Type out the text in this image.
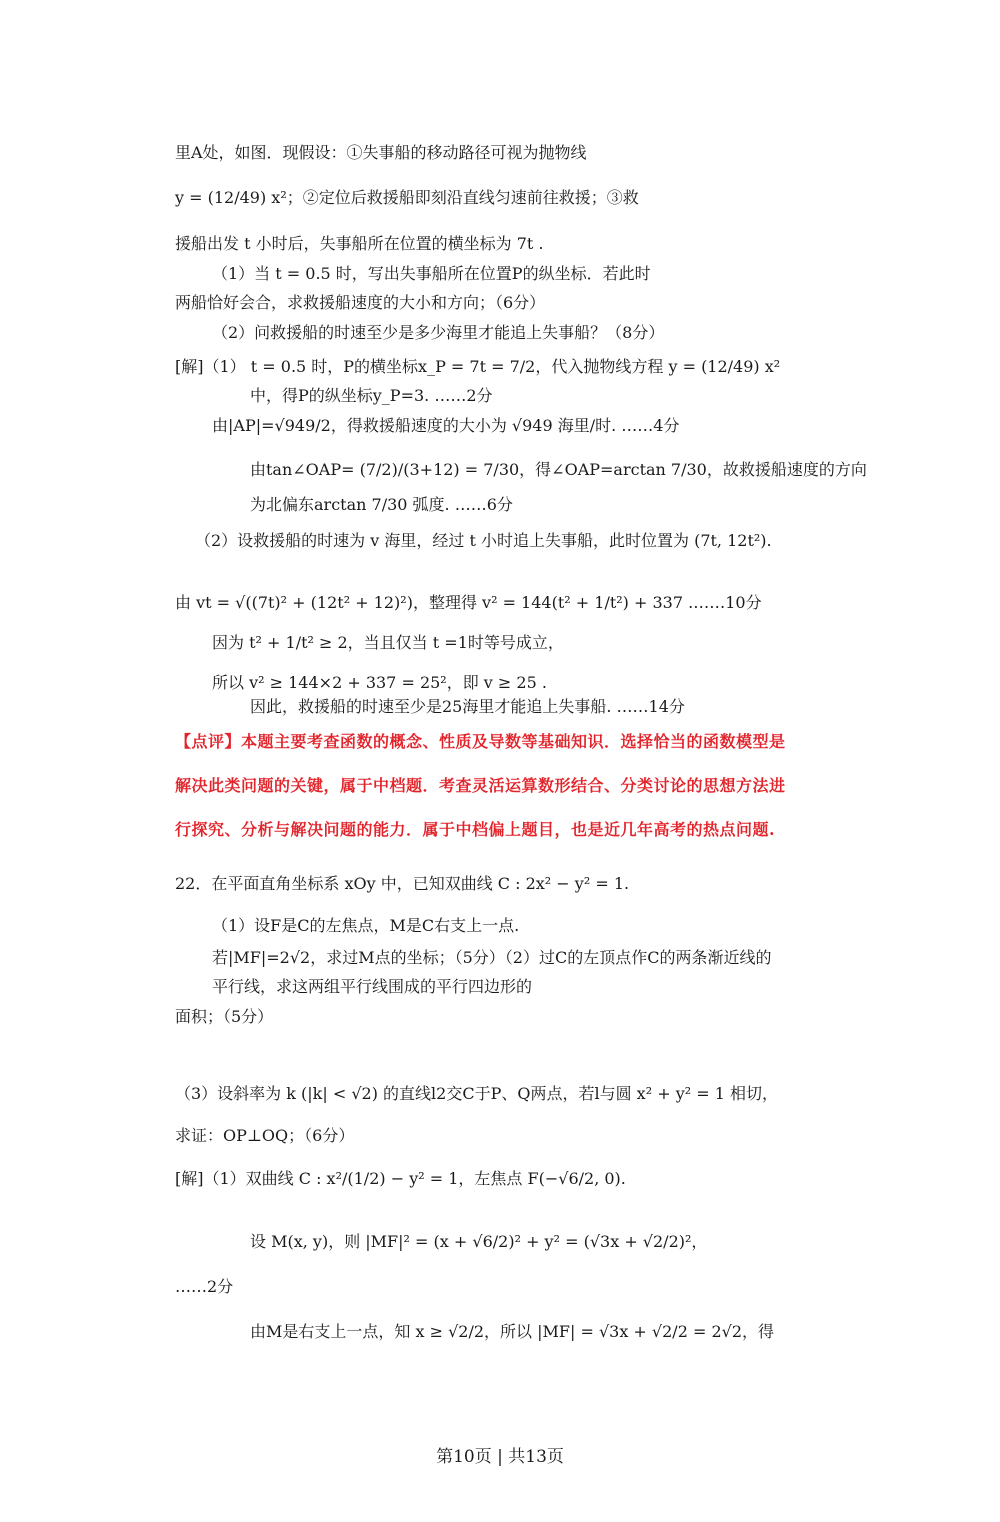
里A处，如图．现假设：①失事船的移动路径可视为抛物线
y = (12/49) x²；②定位后救援船即刻沿直线匀速前往救援；③救
援船出发 t 小时后，失事船所在位置的横坐标为 7t .
（1）当 t = 0.5 时，写出失事船所在位置P的纵坐标．若此时
两船恰好会合，求救援船速度的大小和方向；（6分）
（2）问救援船的时速至少是多少海里才能追上失事船？（8分）
[解]（1） t = 0.5 时，P的横坐标x_P = 7t = 7/2，代入抛物线方程 y = (12/49) x²
中，得P的纵坐标y_P=3. ……2分
由|AP|=√949/2，得救援船速度的大小为 √949 海里/时. ……4分
由tan∠OAP= (7/2)/(3+12) = 7/30，得∠OAP=arctan 7/30，故救援船速度的方向
为北偏东arctan 7/30 弧度. ……6分
（2）设救援船的时速为 v 海里，经过 t 小时追上失事船，此时位置为 (7t, 12t²).
由 vt = √((7t)² + (12t² + 12)²)，整理得 v² = 144(t² + 1/t²) + 337 .……10分
因为 t² + 1/t² ≥ 2，当且仅当 t =1时等号成立，
所以 v² ≥ 144×2 + 337 = 25²，即 v ≥ 25 .
因此，救援船的时速至少是25海里才能追上失事船. ……14分
【点评】本题主要考查函数的概念、性质及导数等基础知识．选择恰当的函数模型是
解决此类问题的关键，属于中档题．考查灵活运算数形结合、分类讨论的思想方法进
行探究、分析与解决问题的能力．属于中档偏上题目，也是近几年高考的热点问题.
22．在平面直角坐标系 xOy 中，已知双曲线 C : 2x² − y² = 1.
（1）设F是C的左焦点，M是C右支上一点.
若|MF|=2√2，求过M点的坐标；（5分）（2）过C的左顶点作C的两条渐近线的
平行线，求这两组平行线围成的平行四边形的
面积；（5分）
（3）设斜率为 k (|k| < √2) 的直线l2交C于P、Q两点，若l与圆 x² + y² = 1 相切，
求证：OP⊥OQ；（6分）
[解]（1）双曲线 C : x²/(1/2) − y² = 1，左焦点 F(−√6/2, 0).
设 M(x, y)，则 |MF|² = (x + √6/2)² + y² = (√3x + √2/2)²，
……2分
由M是右支上一点，知 x ≥ √2/2，所以 |MF| = √3x + √2/2 = 2√2，得
第10页 | 共13页
